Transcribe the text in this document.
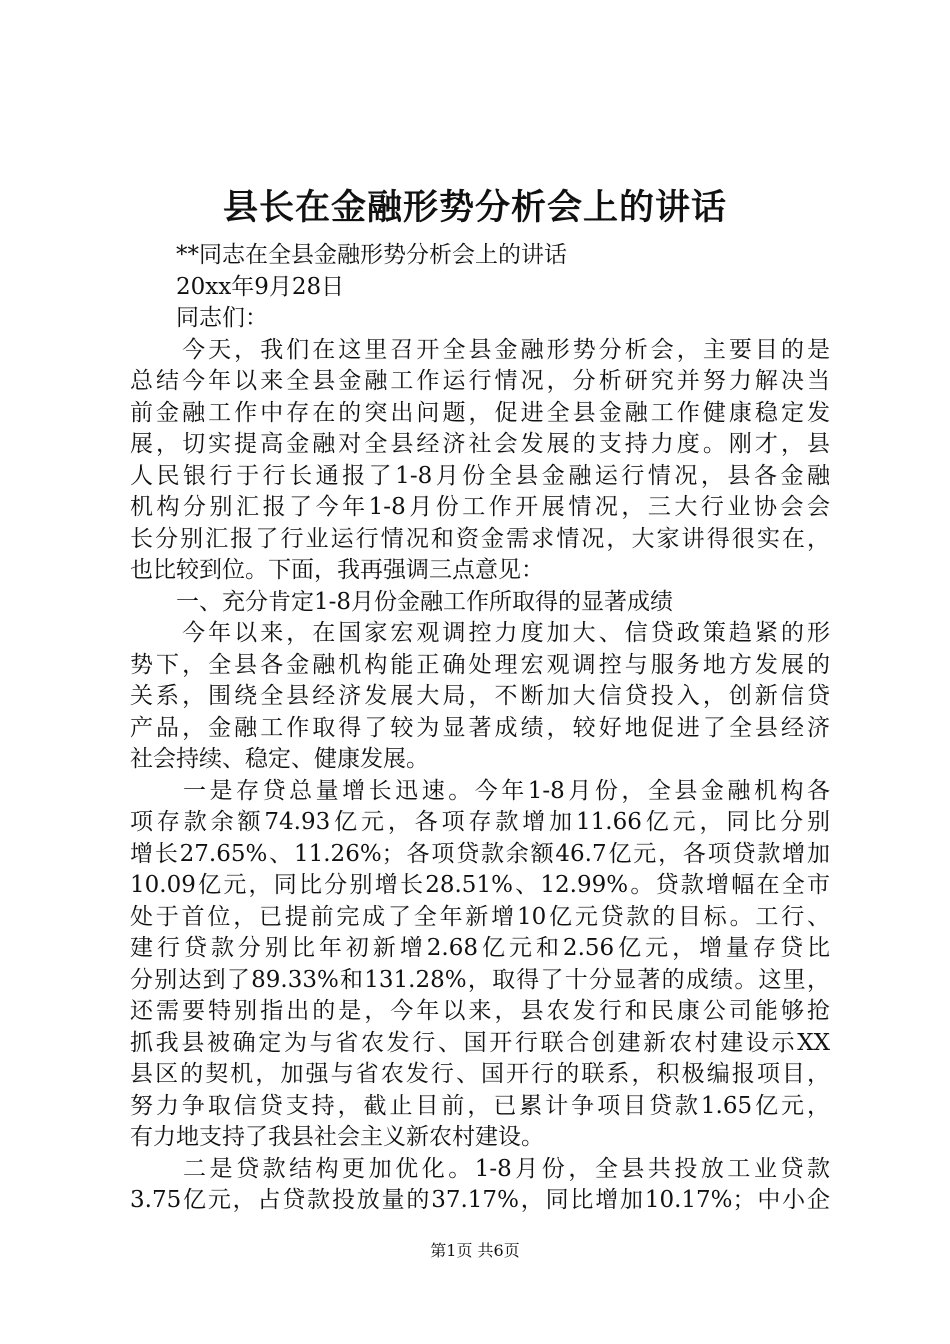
县长在金融形势分析会上的讲话
　　**同志在全县金融形势分析会上的讲话
　　20xx年9月28日
　　同志们：
　　今天，我们在这里召开全县金融形势分析会，主要目的是
总结今年以来全县金融工作运行情况，分析研究并努力解决当
前金融工作中存在的突出问题，促进全县金融工作健康稳定发
展，切实提高金融对全县经济社会发展的支持力度。刚才，县
人民银行于行长通报了1-8月份全县金融运行情况，县各金融
机构分别汇报了今年1-8月份工作开展情况，三大行业协会会
长分别汇报了行业运行情况和资金需求情况，大家讲得很实在，
也比较到位。下面，我再强调三点意见：
　　一、充分肯定1-8月份金融工作所取得的显著成绩
　　今年以来，在国家宏观调控力度加大、信贷政策趋紧的形
势下，全县各金融机构能正确处理宏观调控与服务地方发展的
关系，围绕全县经济发展大局，不断加大信贷投入，创新信贷
产品，金融工作取得了较为显著成绩，较好地促进了全县经济
社会持续、稳定、健康发展。
　　一是存贷总量增长迅速。今年1-8月份，全县金融机构各
项存款余额74.93亿元，各项存款增加11.66亿元，同比分别
增长27.65%、11.26%；各项贷款余额46.7亿元，各项贷款增加
10.09亿元，同比分别增长28.51%、12.99%。贷款增幅在全市
处于首位，已提前完成了全年新增10亿元贷款的目标。工行、
建行贷款分别比年初新增2.68亿元和2.56亿元，增量存贷比
分别达到了89.33%和131.28%，取得了十分显著的成绩。这里，
还需要特别指出的是，今年以来，县农发行和民康公司能够抢
抓我县被确定为与省农发行、国开行联合创建新农村建设示XX
县区的契机，加强与省农发行、国开行的联系，积极编报项目，
努力争取信贷支持，截止目前，已累计争项目贷款1.65亿元，
有力地支持了我县社会主义新农村建设。
　　二是贷款结构更加优化。1-8月份，全县共投放工业贷款
3.75亿元，占贷款投放量的37.17%，同比增加10.17%；中小企
第1页 共6页
